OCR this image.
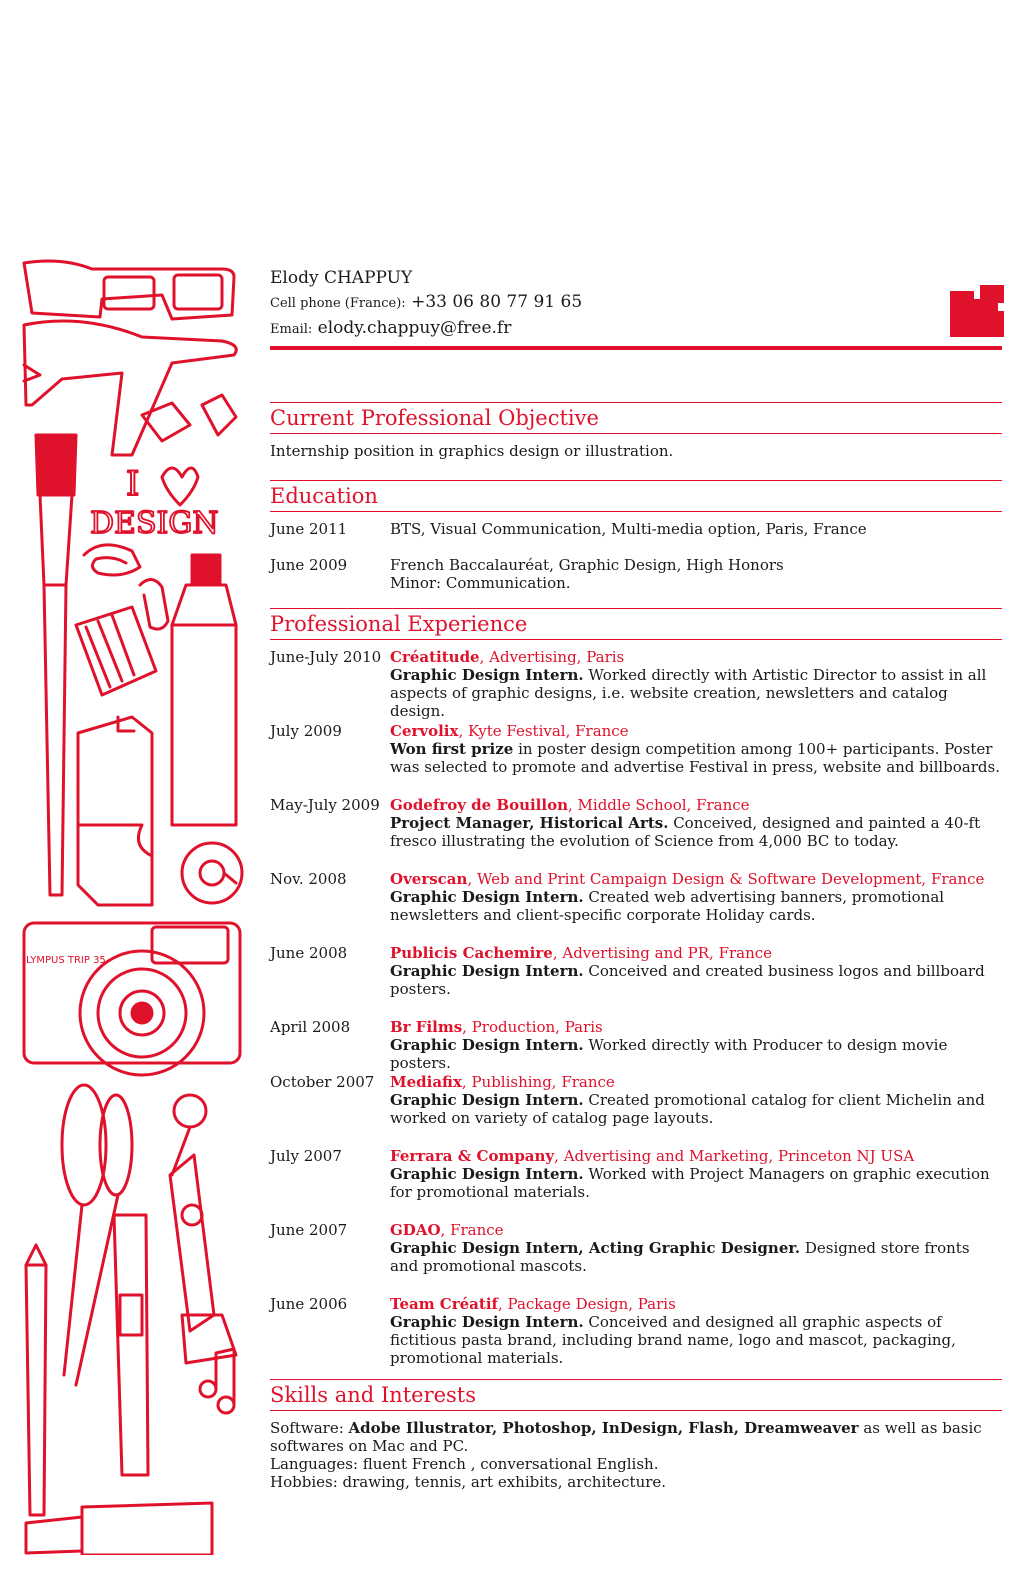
I
DESIGN
LYMPUS TRIP 35
Elody CHAPPUY
Cell phone (France): +33 06 80 77 91 65
Email: elody.chappuy@free.fr
Current Professional Objective
Internship position in graphics design or illustration.
Education
June 2011	BTS, Visual Communication, Multi-media option, Paris, France
June 2009	French Baccalauréat, Graphic Design, High Honors
Minor: Communication.
Professional Experience
June-July 2010 Créatitude, Advertising, Paris
Graphic Design Intern. Worked directly with Artistic Director to assist in all aspects of graphic designs, i.e. website creation, newsletters and catalog design.
July 2009	Cervolix, Kyte Festival, France
Won first prize in poster design competition among 100+ participants. Poster was selected to promote and advertise Festival in press, website and billboards.
May-July 2009 Godefroy de Bouillon, Middle School, France
Project Manager, Historical Arts. Conceived, designed and painted a 40-ft fresco illustrating the evolution of Science from 4,000 BC to today.
Nov. 2008	Overscan, Web and Print Campaign Design & Software Development, France
Graphic Design Intern. Created web advertising banners, promotional newsletters and client-specific corporate Holiday cards.
June 2008	Publicis Cachemire, Advertising and PR, France
Graphic Design Intern. Conceived and created business logos and billboard posters.
April 2008	Br Films, Production, Paris
Graphic Design Intern. Worked directly with Producer to design movie posters.
October 2007	Mediafix, Publishing, France
Graphic Design Intern. Created promotional catalog for client Michelin and worked on variety of catalog page layouts.
July 2007	Ferrara & Company, Advertising and Marketing, Princeton NJ USA
Graphic Design Intern. Worked with Project Managers on graphic execution for promotional materials.
June 2007	GDAO, France
Graphic Design Intern, Acting Graphic Designer. Designed store fronts and promotional mascots.
June 2006	Team Créatif, Package Design, Paris
Graphic Design Intern. Conceived and designed all graphic aspects of fictitious pasta brand, including brand name, logo and mascot, packaging, promotional materials.
Skills and Interests
Software: Adobe Illustrator, Photoshop, InDesign, Flash, Dreamweaver as well as basic softwares on Mac and PC.
Languages: fluent French , conversational English.
Hobbies: drawing, tennis, art exhibits, architecture.
